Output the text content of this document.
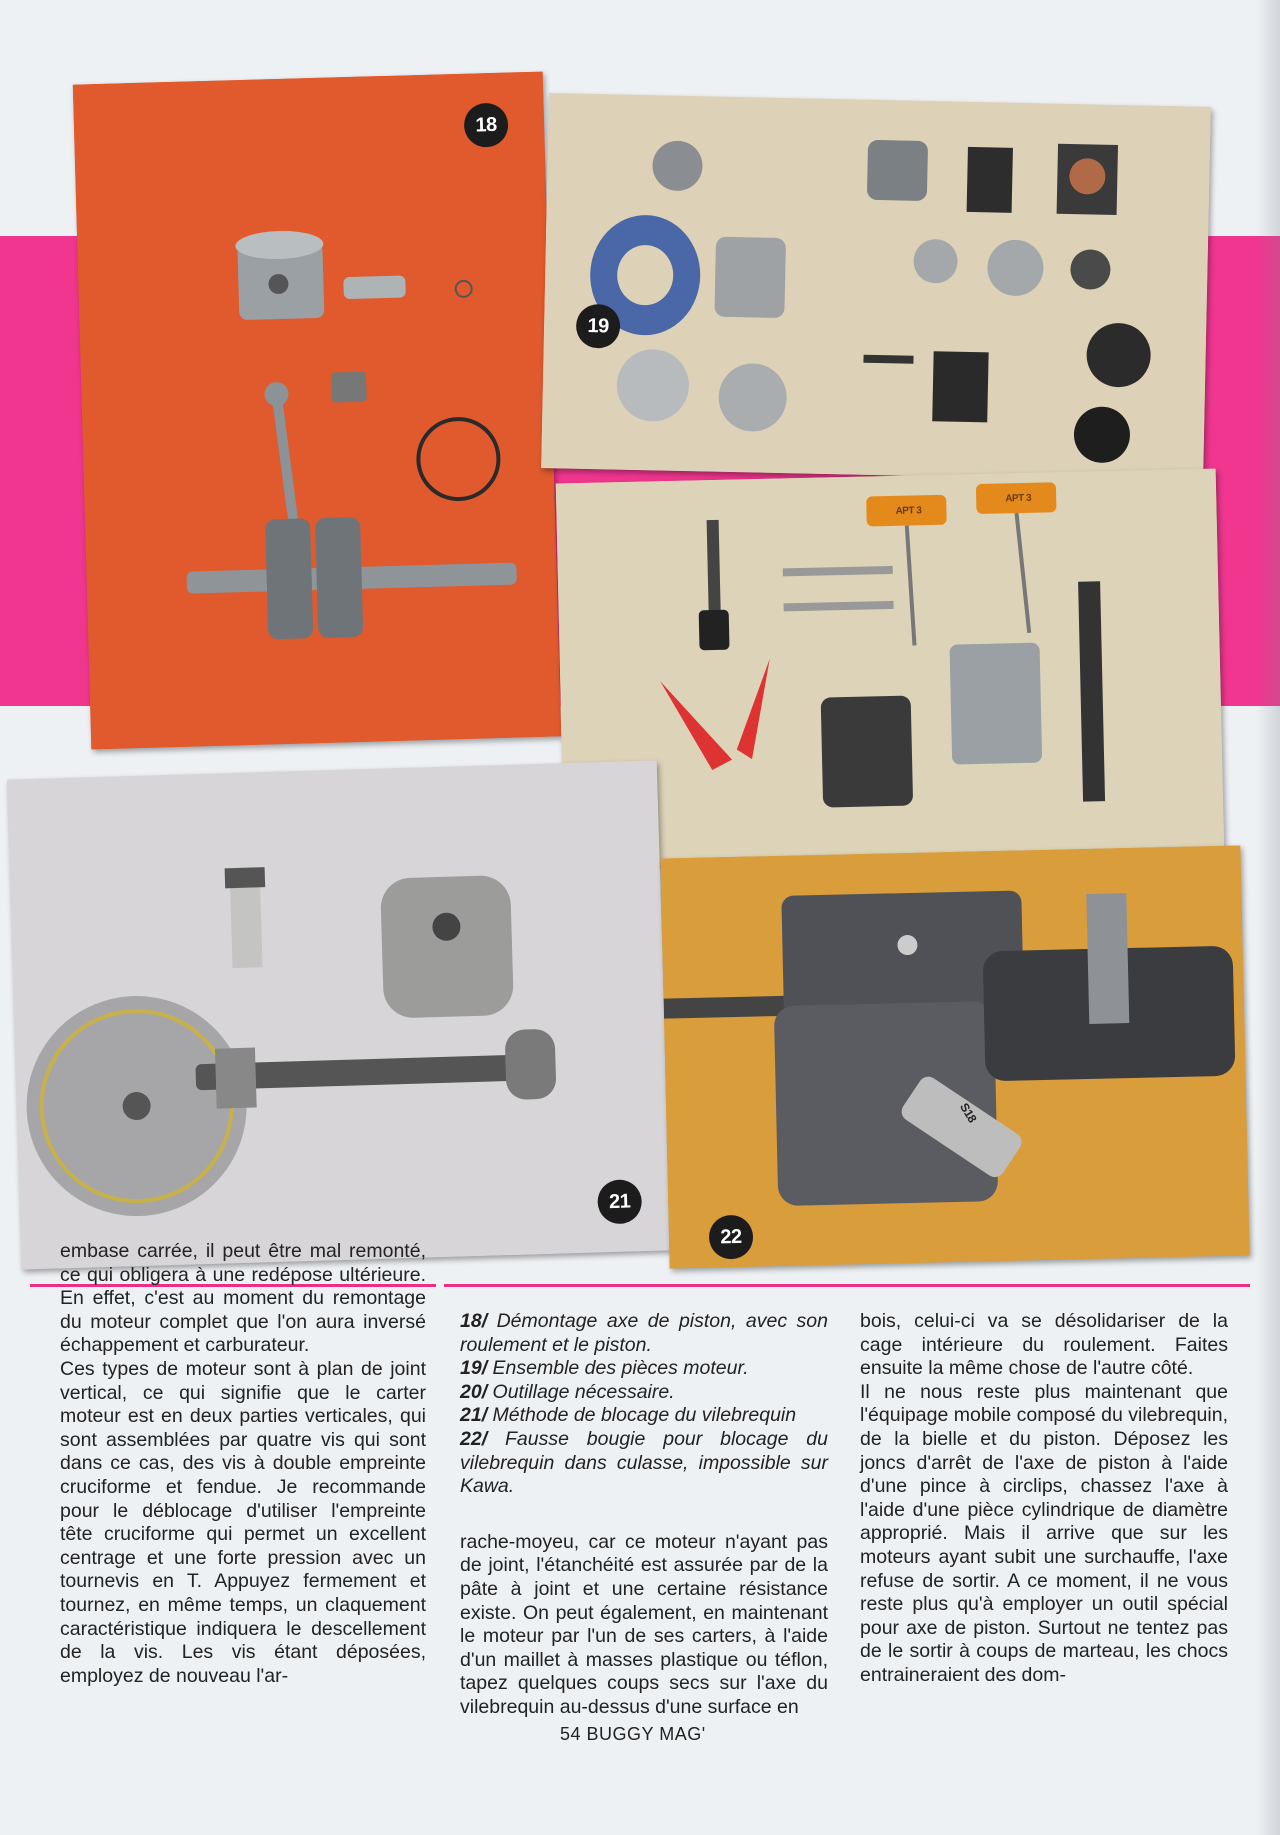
18
19
APT 3
APT 3
21
S18
22

embase carrée, il peut être mal remonté, ce qui obligera à une redépose ultérieure. En effet, c'est au moment du remontage du moteur complet que l'on aura inversé échappement et carburateur.

Ces types de moteur sont à plan de joint vertical, ce qui signifie que le carter moteur est en deux parties verticales, qui sont assemblées par quatre vis qui sont dans ce cas, des vis à double empreinte cruciforme et fendue. Je recommande pour le déblocage d'utiliser l'empreinte tête cruciforme qui permet un excellent centrage et une forte pression avec un tournevis en T. Appuyez fermement et tournez, en même temps, un claquement caractéristique indiquera le descellement de la vis. Les vis étant déposées, employez de nouveau l'ar-

18/ Démontage axe de piston, avec son roulement et le piston.
19/ Ensemble des pièces moteur.
20/ Outillage nécessaire.
21/ Méthode de blocage du vilebrequin
22/ Fausse bougie pour blocage du vilebrequin dans culasse, impossible sur Kawa.

rache-moyeu, car ce moteur n'ayant pas de joint, l'étanchéité est assurée par de la pâte à joint et une certaine résistance existe. On peut également, en maintenant le moteur par l'un de ses carters, à l'aide d'un maillet à masses plastique ou téflon, tapez quelques coups secs sur l'axe du vilebrequin au-dessus d'une surface en

bois, celui-ci va se désolidariser de la cage intérieure du roulement. Faites ensuite la même chose de l'autre côté.

Il ne nous reste plus maintenant que l'équipage mobile composé du vilebrequin, de la bielle et du piston. Déposez les joncs d'arrêt de l'axe de piston à l'aide d'une pince à circlips, chassez l'axe à l'aide d'une pièce cylindrique de diamètre approprié. Mais il arrive que sur les moteurs ayant subit une surchauffe, l'axe refuse de sortir. A ce moment, il ne vous reste plus qu'à employer un outil spécial pour axe de piston. Surtout ne tentez pas de le sortir à coups de marteau, les chocs entraineraient des dom-

54 BUGGY MAG'
